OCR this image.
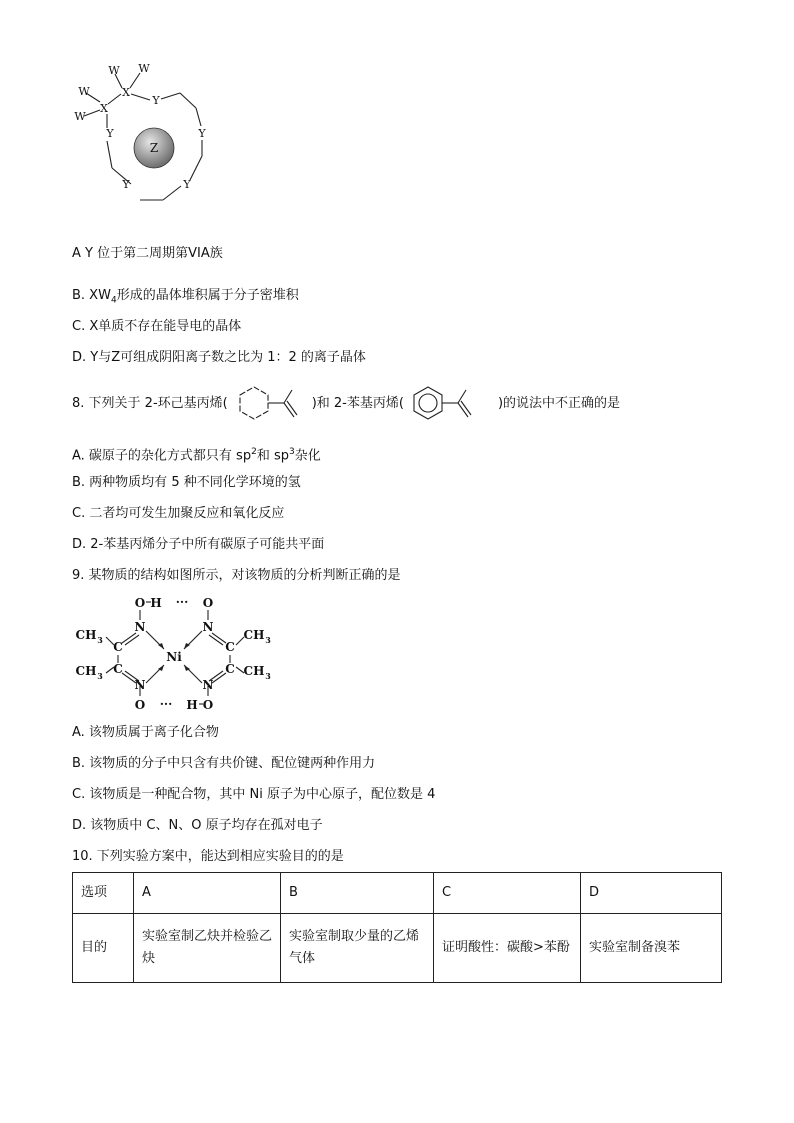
W W
W
W
X
X
Y
Y	Y
Y	Y
Z
A Y 位于第二周期第VIA族
B. $XW_4$形成的晶体堆积属于分子密堆积
C. X单质不存在能导电的晶体
D. Y与Z可组成阴阳离子数之比为 1：2 的离子晶体
8. 下列关于 2-环己基丙烯(	)和 2-苯基丙烯(	)的说法中不正确的是
A. 碳原子的杂化方式都只有 $sp^2$和 $sp^3$杂化
B. 两种物质均有 5 种不同化学环境的氢
C. 二者均可发生加聚反应和氧化反应
D. 2-苯基丙烯分子中所有碳原子可能共平面
9. 某物质的结构如图所示，对该物质的分析判断正确的是
O H	O
N	N
C
C
Ni
N	N
C
C
O	H O
CH 3
CH 3
CH 3
CH 3
···
···
A. 该物质属于离子化合物
B. 该物质的分子中只含有共价键、配位键两种作用力
C. 该物质是一种配合物，其中 Ni 原子为中心原子，配位数是 4
D. 该物质中 C、N、O 原子均存在孤对电子
10. 下列实验方案中，能达到相应实验目的的是
选项	A	B	C	D
目的	实验室制乙炔并检验乙炔	实验室制取少量的乙烯气体	证明酸性：碳酸>苯酚	实验室制备溴苯
